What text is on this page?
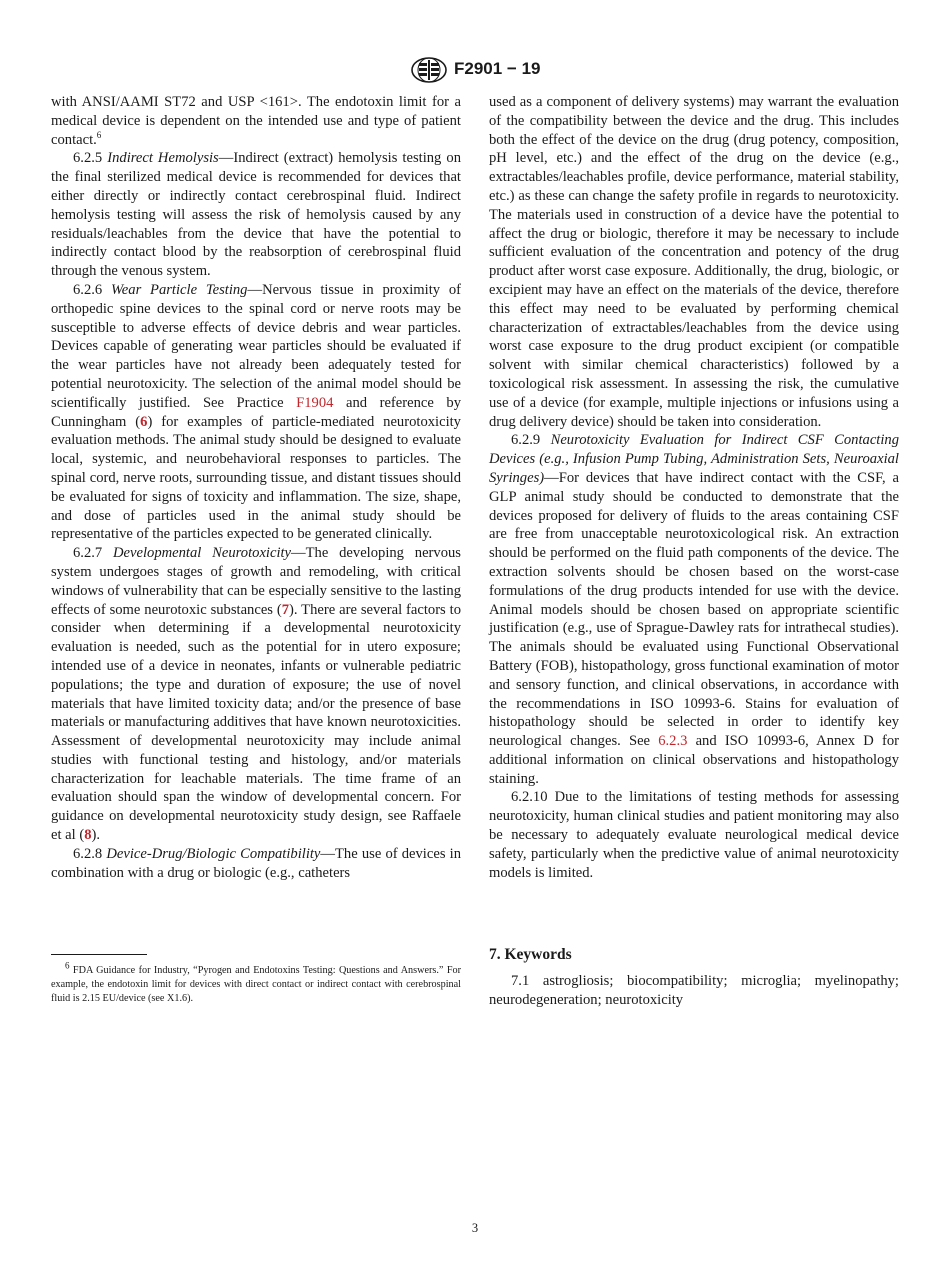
F2901 − 19

with ANSI/AAMI ST72 and USP <161>. The endotoxin limit for a medical device is dependent on the intended use and type of patient contact.$^6$

6.2.5 Indirect Hemolysis—Indirect (extract) hemolysis testing on the final sterilized medical device is recommended for devices that either directly or indirectly contact cerebrospinal fluid. Indirect hemolysis testing will assess the risk of hemolysis caused by any residuals/leachables from the device that have the potential to indirectly contact blood by the reabsorption of cerebrospinal fluid through the venous system.

6.2.6 Wear Particle Testing—Nervous tissue in proximity of orthopedic spine devices to the spinal cord or nerve roots may be susceptible to adverse effects of device debris and wear particles. Devices capable of generating wear particles should be evaluated if the wear particles have not already been adequately tested for potential neurotoxicity. The selection of the animal model should be scientifically justified. See Practice F1904 and reference by Cunningham (6) for examples of particle-mediated neurotoxicity evaluation methods. The animal study should be designed to evaluate local, systemic, and neurobehavioral responses to particles. The spinal cord, nerve roots, surrounding tissue, and distant tissues should be evaluated for signs of toxicity and inflammation. The size, shape, and dose of particles used in the animal study should be representative of the particles expected to be generated clinically.

6.2.7 Developmental Neurotoxicity—The developing nervous system undergoes stages of growth and remodeling, with critical windows of vulnerability that can be especially sensitive to the lasting effects of some neurotoxic substances (7). There are several factors to consider when determining if a developmental neurotoxicity evaluation is needed, such as the potential for in utero exposure; intended use of a device in neonates, infants or vulnerable pediatric populations; the type and duration of exposure; the use of novel materials that have limited toxicity data; and/or the presence of base materials or manufacturing additives that have known neurotoxicities. Assessment of developmental neurotoxicity may include animal studies with functional testing and histology, and/or materials characterization for leachable materials. The time frame of an evaluation should span the window of developmental concern. For guidance on developmental neurotoxicity study design, see Raffaele et al (8).

6.2.8 Device-Drug/Biologic Compatibility—The use of devices in combination with a drug or biologic (e.g., catheters

$^6$ FDA Guidance for Industry, “Pyrogen and Endotoxins Testing: Questions and Answers.” For example, the endotoxin limit for devices with direct contact or indirect contact with cerebrospinal fluid is 2.15 EU/device (see X1.6).

used as a component of delivery systems) may warrant the evaluation of the compatibility between the device and the drug. This includes both the effect of the device on the drug (drug potency, composition, pH level, etc.) and the effect of the drug on the device (e.g., extractables/leachables profile, device performance, material stability, etc.) as these can change the safety profile in regards to neurotoxicity. The materials used in construction of a device have the potential to affect the drug or biologic, therefore it may be necessary to include sufficient evaluation of the concentration and potency of the drug product after worst case exposure. Additionally, the drug, biologic, or excipient may have an effect on the materials of the device, therefore this effect may need to be evaluated by performing chemical characterization of extractables/leachables from the device using worst case exposure to the drug product excipient (or compatible solvent with similar chemical characteristics) followed by a toxicological risk assessment. In assessing the risk, the cumulative use of a device (for example, multiple injections or infusions using a drug delivery device) should be taken into consideration.

6.2.9 Neurotoxicity Evaluation for Indirect CSF Contacting Devices (e.g., Infusion Pump Tubing, Administration Sets, Neuroaxial Syringes)—For devices that have indirect contact with the CSF, a GLP animal study should be conducted to demonstrate that the devices proposed for delivery of fluids to the areas containing CSF are free from unacceptable neurotoxicological risk. An extraction should be performed on the fluid path components of the device. The extraction solvents should be chosen based on the worst-case formulations of the drug products intended for use with the device. Animal models should be chosen based on appropriate scientific justification (e.g., use of Sprague-Dawley rats for intrathecal studies). The animals should be evaluated using Functional Observational Battery (FOB), histopathology, gross functional examination of motor and sensory function, and clinical observations, in accordance with the recommendations in ISO 10993-6. Stains for evaluation of histopathology should be selected in order to identify key neurological changes. See 6.2.3 and ISO 10993-6, Annex D for additional information on clinical observations and histopathology staining.

6.2.10 Due to the limitations of testing methods for assessing neurotoxicity, human clinical studies and patient monitoring may also be necessary to adequately evaluate neurological medical device safety, particularly when the predictive value of animal neurotoxicity models is limited.

7. Keywords

7.1 astrogliosis; biocompatibility; microglia; myelinopathy; neurodegeneration; neurotoxicity

3
